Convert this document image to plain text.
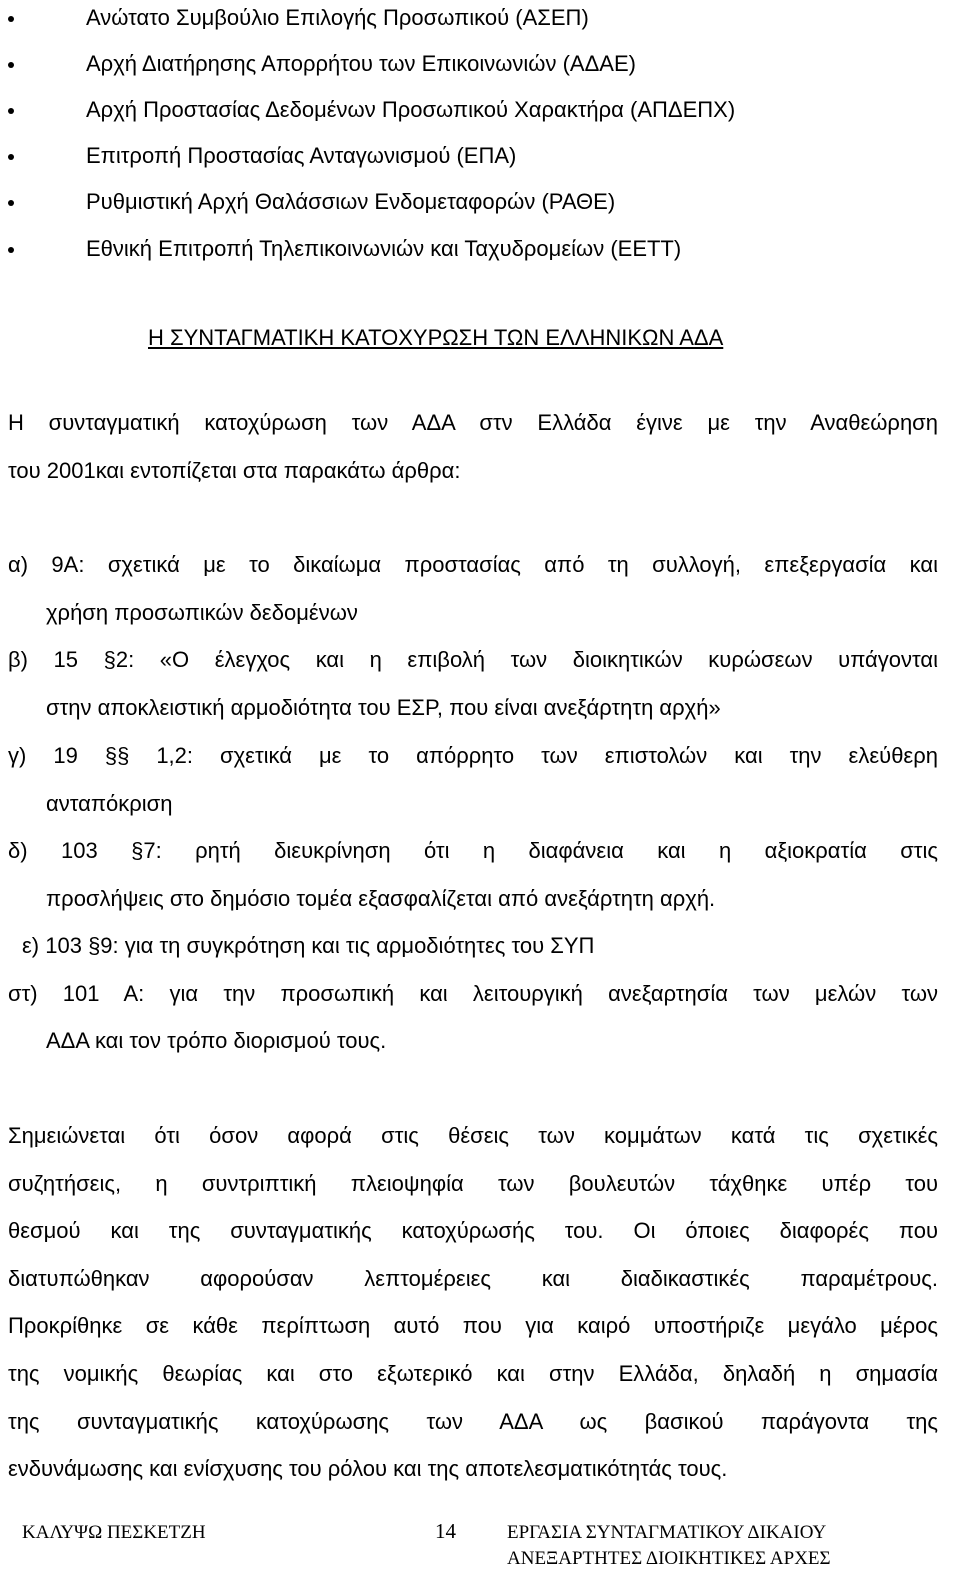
Ανώτατο Συμβούλιο Επιλογής Προσωπικού (ΑΣΕΠ)
Αρχή Διατήρησης Απορρήτου των Επικοινωνιών (ΑΔΑΕ)
Αρχή Προστασίας Δεδομένων Προσωπικού Χαρακτήρα (ΑΠΔΕΠΧ)
Επιτροπή Προστασίας Ανταγωνισμού (ΕΠΑ)
Ρυθμιστική Αρχή Θαλάσσιων Ενδομεταφορών (ΡΑΘΕ)
Εθνική Επιτροπή Τηλεπικοινωνιών και Ταχυδρομείων (ΕΕΤΤ)
Η ΣΥΝΤΑΓΜΑΤΙΚΗ ΚΑΤΟΧΥΡΩΣΗ ΤΩΝ ΕΛΛΗΝΙΚΩΝ ΑΔΑ
Η συνταγματική κατοχύρωση των ΑΔΑ στν Ελλάδα έγινε με την Αναθεώρηση
του 2001και εντοπίζεται στα παρακάτω άρθρα:
α) 9Α: σχετικά με το δικαίωμα προστασίας από τη συλλογή, επεξεργασία και
χρήση προσωπικών δεδομένων
β) 15 §2: «Ο έλεγχος και η επιβολή των διοικητικών κυρώσεων υπάγονται
στην αποκλειστική αρμοδιότητα του ΕΣΡ, που είναι ανεξάρτητη αρχή»
γ) 19 §§ 1,2: σχετικά με το απόρρητο των επιστολών και την ελεύθερη
ανταπόκριση
δ) 103 §7: ρητή διευκρίνηση ότι η διαφάνεια και η αξιοκρατία στις
προσλήψεις στο δημόσιο τομέα εξασφαλίζεται από ανεξάρτητη αρχή.
ε) 103 §9: για τη συγκρότηση και τις αρμοδιότητες του ΣΥΠ
στ) 101 Α: για την προσωπική και λειτουργική ανεξαρτησία των μελών των
ΑΔΑ και τον τρόπο διορισμού τους.
Σημειώνεται ότι όσον αφορά στις θέσεις των κομμάτων κατά τις σχετικές
συζητήσεις, η συντριπτική πλειοψηφία των βουλευτών τάχθηκε υπέρ του
θεσμού και της συνταγματικής κατοχύρωσής του. Οι όποιες διαφορές που
διατυπώθηκαν αφορούσαν λεπτομέρειες και διαδικαστικές παραμέτρους.
Προκρίθηκε σε κάθε περίπτωση αυτό που για καιρό υποστήριζε μεγάλο μέρος
της νομικής θεωρίας και στο εξωτερικό και στην Ελλάδα, δηλαδή η σημασία
της συνταγματικής κατοχύρωσης των ΑΔΑ ως βασικού παράγοντα της
ενδυνάμωσης και ενίσχυσης του ρόλου και της αποτελεσματικότητάς τους.
ΚΑΛΥΨΩ ΠΕΣΚΕΤΖΗ	14	ΕΡΓΑΣΙΑ ΣΥΝΤΑΓΜΑΤΙΚΟΥ ΔΙΚΑΙΟΥ
ΑΝΕΞΑΡΤΗΤΕΣ ΔΙΟΙΚΗΤΙΚΕΣ ΑΡΧΕΣ
